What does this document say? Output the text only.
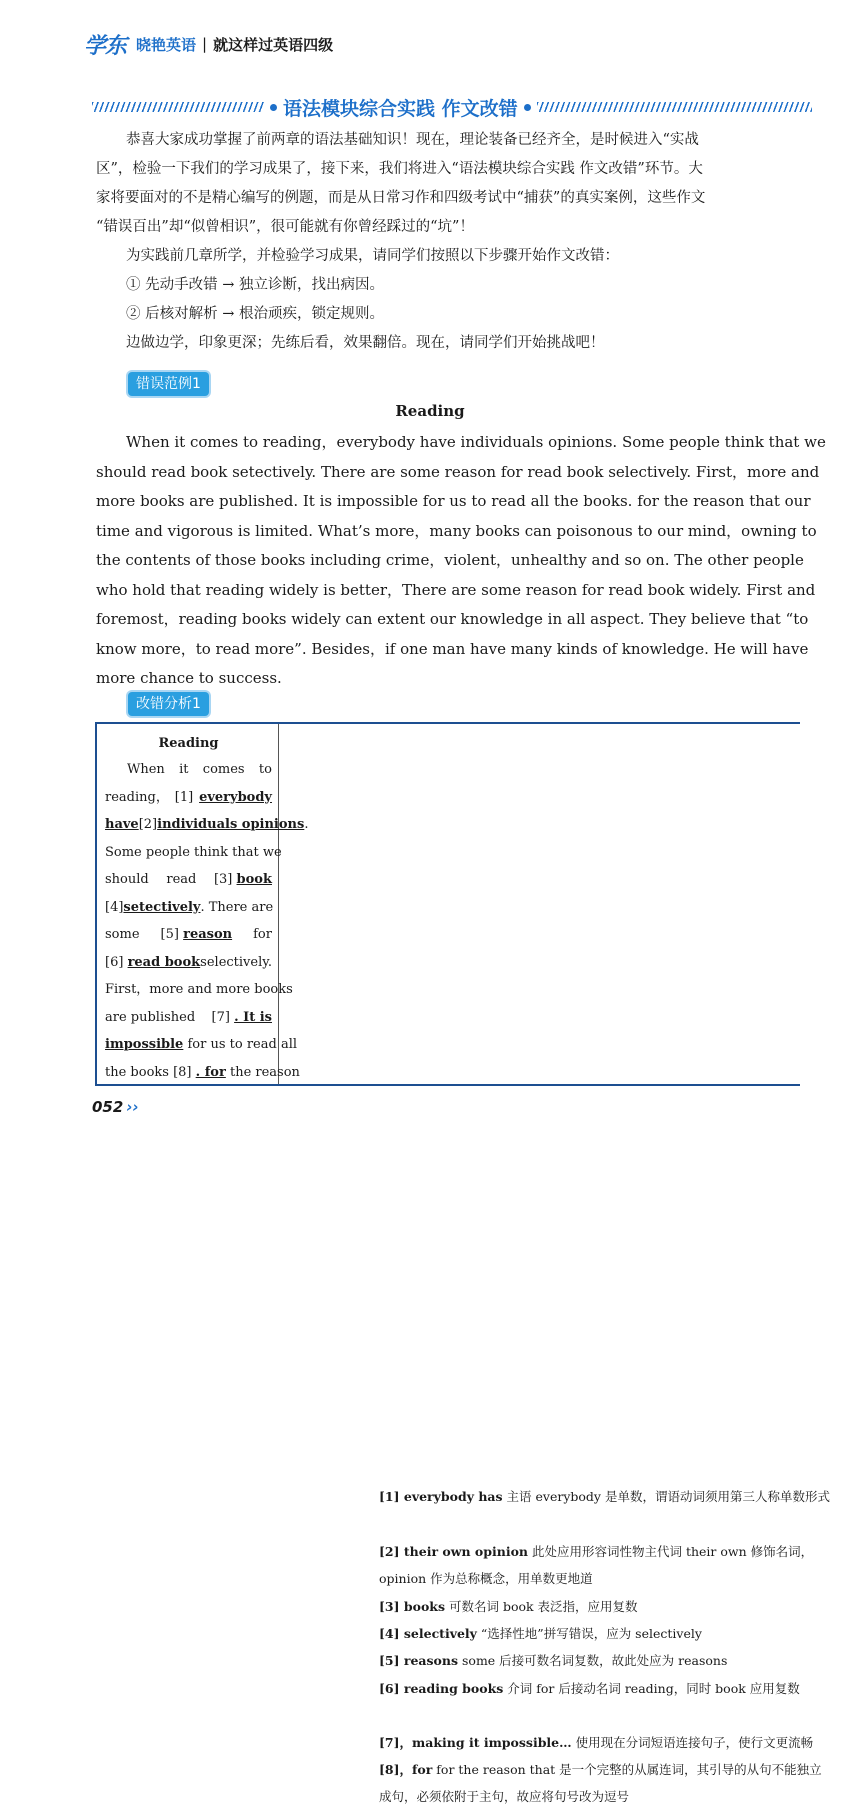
学东 晓艳英语 | 就这样过英语四级
语法模块综合实践 作文改错

恭喜大家成功掌握了前两章的语法基础知识！现在，理论装备已经齐全，是时候进入“实战

区”，检验一下我们的学习成果了，接下来，我们将进入“语法模块综合实践 作文改错”环节。大

家将要面对的不是精心编写的例题，而是从日常习作和四级考试中“捕获”的真实案例，这些作文

“错误百出”却“似曾相识”，很可能就有你曾经踩过的“坑”！

为实践前几章所学，并检验学习成果，请同学们按照以下步骤开始作文改错：

① 先动手改错 → 独立诊断，找出病因。

② 后核对解析 → 根治顽疾，锁定规则。

边做边学，印象更深；先练后看，效果翻倍。现在，请同学们开始挑战吧！

错误范例1
Reading

When it comes to reading，everybody have individuals opinions. Some people think that we

should read book setectively. There are some reason for read book selectively. First，more and

more books are published. It is impossible for us to read all the books. for the reason that our

time and vigorous is limited. What’s more，many books can poisonous to our mind，owning to

the contents of those books including crime，violent，unhealthy and so on. The other people

who hold that reading widely is better，There are some reason for read book widely. First and

foremost，reading books widely can extent our knowledge in all aspect. They believe that “to

know more，to read more”. Besides，if one man have many kinds of knowledge. He will have

more chance to success.

改错分析1
Reading
When it comes to
reading， [1] everybody
have [2] individuals opinions .
Some people think that we
should read [3] book
[4] setectively . There are
some [5] reason for
[6] read book selectively.
First，more and more books
are published [7] . It is
impossible
for us to read all
the books
[8]
. for
the reason
[1] everybody has 主语 everybody 是单数，谓语动词须用第三人称单数形式
[2] their own opinion 此处应用形容词性物主代词 their own 修饰名词，
opinion 作为总称概念，用单数更地道
[3] books 可数名词 book 表泛指，应用复数
[4] selectively “选择性地”拼写错误，应为 selectively
[5] reasons some 后接可数名词复数，故此处应为 reasons
[6] reading books 介词 for 后接动名词 reading，同时 book 应用复数
[7]，making it impossible… 使用现在分词短语连接句子，使行文更流畅
[8]，for for the reason that 是一个完整的从属连词，其引导的从句不能独立
成句，必须依附于主句，故应将句号改为逗号
052 ››
